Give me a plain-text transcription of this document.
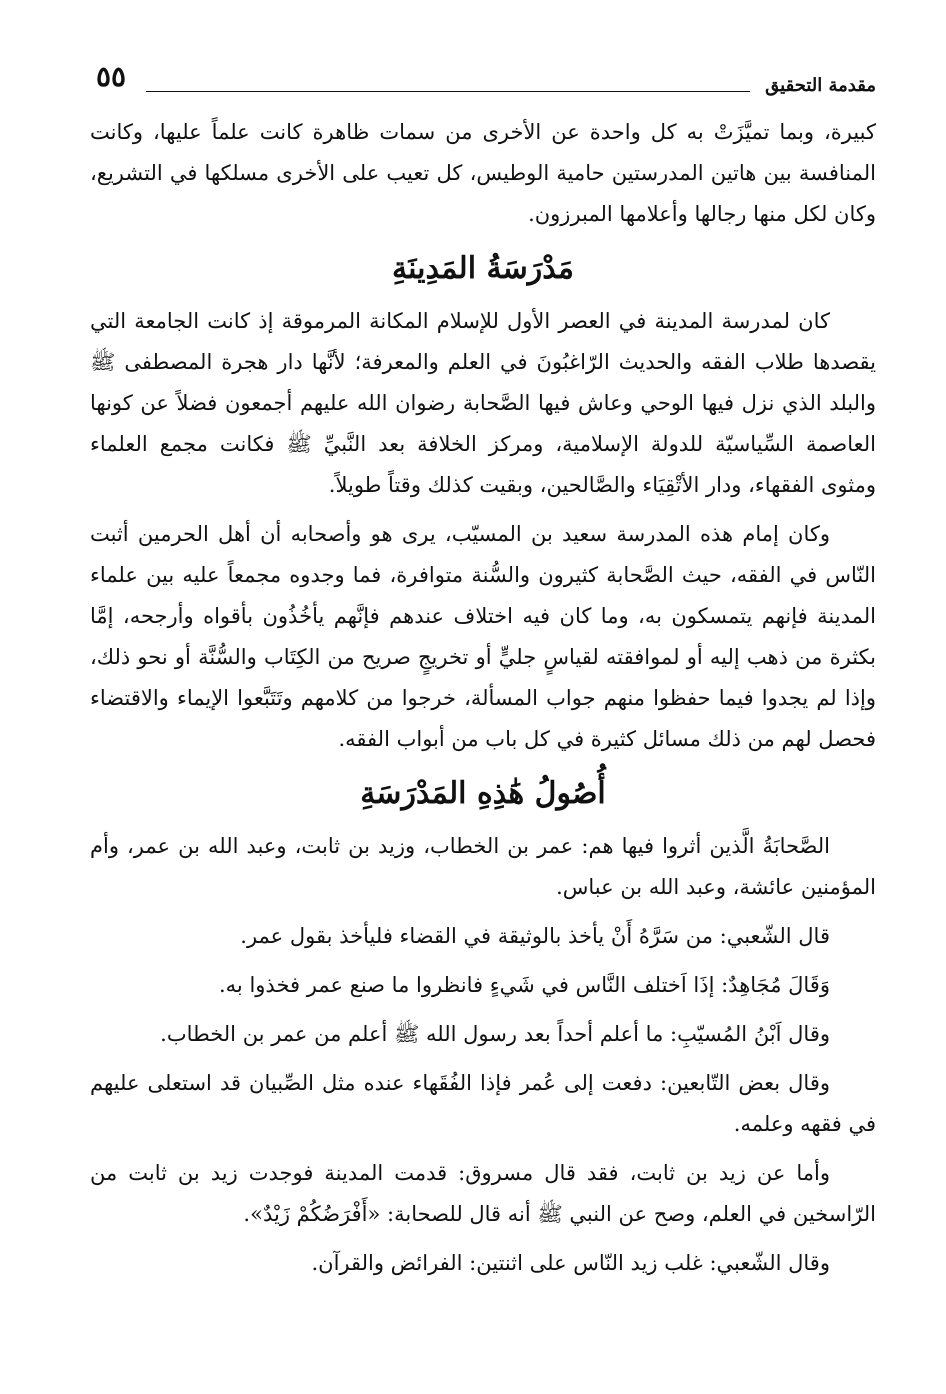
مقدمة التحقيق
٥٥

كبيرة، وبما تميَّزَتْ به كل واحدة عن الأخرى من سمات ظاهرة كانت علماً عليها، وكانت المنافسة بين هاتين المدرستين حامية الوطيس، كل تعيب على الأخرى مسلكها في التشريع، وكان لكل منها رجالها وأعلامها المبرزون.

مَدْرَسَةُ المَدِينَةِ

كان لمدرسة المدينة في العصر الأول للإسلام المكانة المرموقة إذ كانت الجامعة التي يقصدها طلاب الفقه والحديث الرّاغبُونَ في العلم والمعرفة؛ لأنَّها دار هجرة المصطفى ﷺ والبلد الذي نزل فيها الوحي وعاش فيها الصَّحابة رضوان الله عليهم أجمعون فضلاً عن كونها العاصمة السِّياسيّة للدولة الإسلامية، ومركز الخلافة بعد النَّبيِّ ﷺ فكانت مجمع العلماء ومثوى الفقهاء، ودار الأتْقِيَاء والصَّالحين، وبقيت كذلك وقتاً طويلاً.

وكان إمام هذه المدرسة سعيد بن المسيّب، يرى هو وأصحابه أن أهل الحرمين أثبت النّاس في الفقه، حيث الصَّحابة كثيرون والسُّنة متوافرة، فما وجدوه مجمعاً عليه بين علماء المدينة فإنهم يتمسكون به، وما كان فيه اختلاف عندهم فإنَّهم يأخُذُون بأقواه وأرجحه، إمَّا بكثرة من ذهب إليه أو لموافقته لقياسٍ جليٍّ أو تخريجٍ صريح من الكِتَاب والسُّنَّة أو نحو ذلك، وإذا لم يجدوا فيما حفظوا منهم جواب المسألة، خرجوا من كلامهم وتَتَبَّعوا الإيماء والاقتضاء فحصل لهم من ذلك مسائل كثيرة في كل باب من أبواب الفقه.

أُصُولُ هَٰذِهِ المَدْرَسَةِ

الصَّحابَةُ الَّذين أثروا فيها هم: عمر بن الخطاب، وزيد بن ثابت، وعبد الله بن عمر، وأم المؤمنين عائشة، وعبد الله بن عباس.

قال الشّعبي: من سَرَّهُ أَنْ يأخذ بالوثيقة في القضاء فليأخذ بقول عمر.

وَقَالَ مُجَاهِدٌ: إذَا اَختلف النَّاس في شَيءٍ فانظروا ما صنع عمر فخذوا به.

وقال اَبْنُ المُسيّبِ: ما أعلم أحداً بعد رسول الله ﷺ أعلم من عمر بن الخطاب.

وقال بعض التّابعين: دفعت إلى عُمر فإذا الفُقَهاء عنده مثل الصِّبيان قد استعلى عليهم في فقهه وعلمه.

وأما عن زيد بن ثابت، فقد قال مسروق: قدمت المدينة فوجدت زيد بن ثابت من الرّاسخين في العلم، وصح عن النبي ﷺ أنه قال للصحابة: «أَفْرَضُكُمْ زَيْدٌ».

وقال الشّعبي: غلب زيد النّاس على اثنتين: الفرائض والقرآن.
